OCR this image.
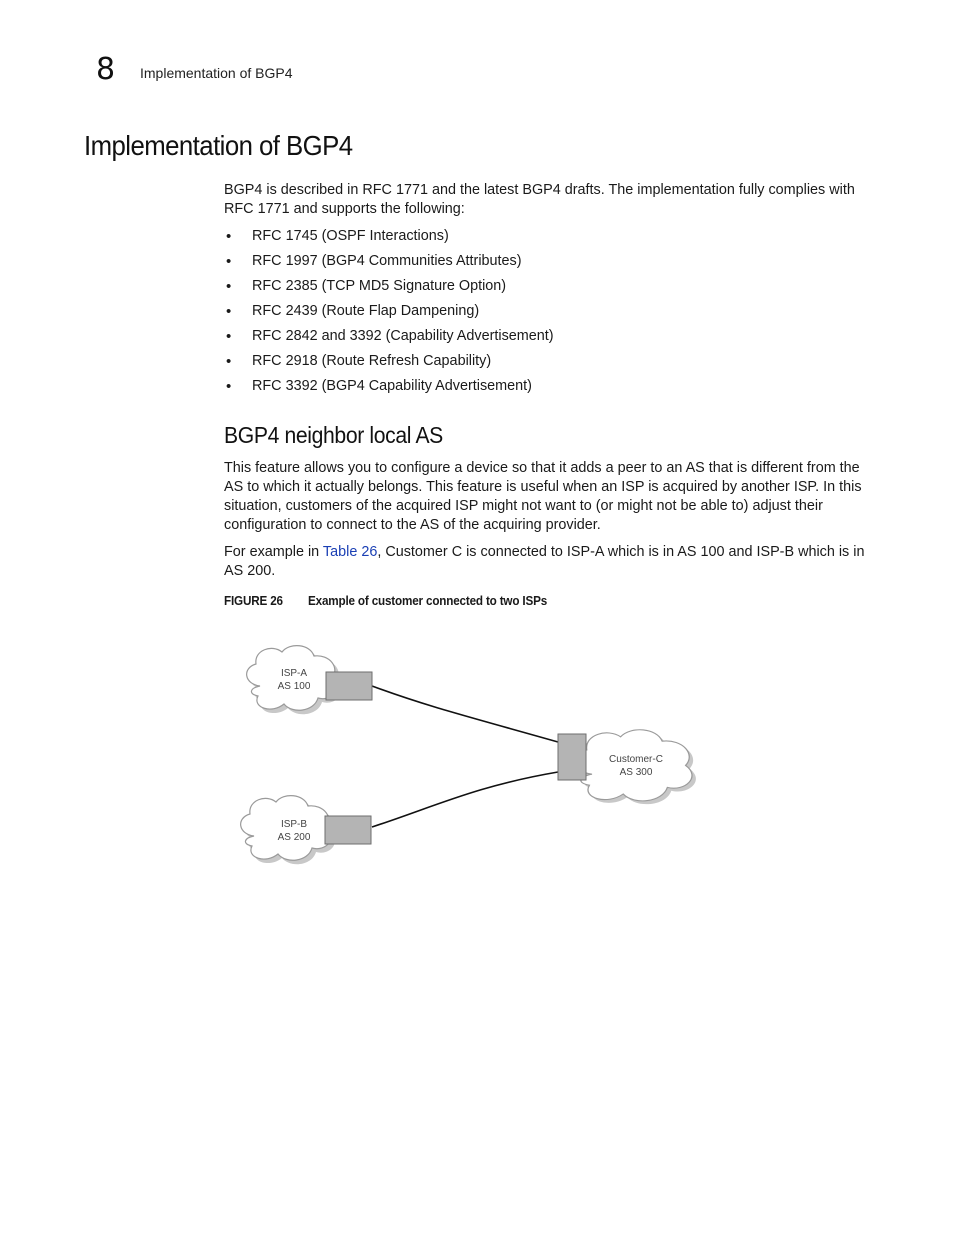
8 Implementation of BGP4
Implementation of BGP4

BGP4 is described in RFC 1771 and the latest BGP4 drafts. The implementation fully complies with RFC 1771 and supports the following:

• RFC 1745 (OSPF Interactions)
• RFC 1997 (BGP4 Communities Attributes)
• RFC 2385 (TCP MD5 Signature Option)
• RFC 2439 (Route Flap Dampening)
• RFC 2842 and 3392 (Capability Advertisement)
• RFC 2918 (Route Refresh Capability)
• RFC 3392 (BGP4 Capability Advertisement)
BGP4 neighbor local AS

This feature allows you to configure a device so that it adds a peer to an AS that is different from the AS to which it actually belongs. This feature is useful when an ISP is acquired by another ISP. In this situation, customers of the acquired ISP might not want to (or might not be able to) adjust their configuration to connect to the AS of the acquiring provider.

For example in Table 26, Customer C is connected to ISP-A which is in AS 100 and ISP-B which is in AS 200.

FIGURE 26 Example of customer connected to two ISPs
ISP-A
AS 100
ISP-B
AS 200
Customer-C
AS 300
